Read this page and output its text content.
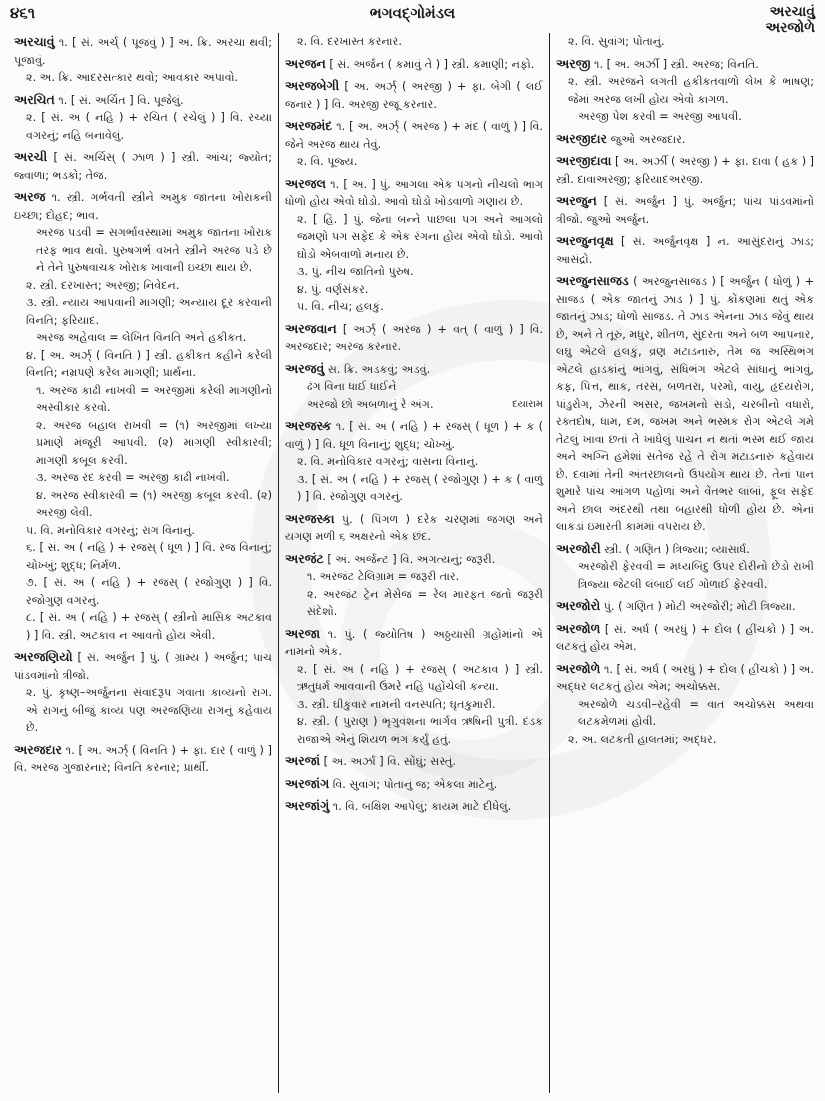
૪૬૧	ભગવદ્ગોમંડલ	અરચાવું
અરજોળે
અરચાવું ૧. [ સં. અર્ચ્ ( પૂજવું ) ] અ. ક્રિ. અરચા થવી; પૂજાવું.
૨. અ. ક્રિ. આદરસત્કાર થવો; આવકાર અપાવો.
અરચિત ૧. [ સં. અર્ચિત ] વિ. પૂજેલું.
૨. [ સં. અ ( નહિ ) + રચિત ( રચેલું ) ] વિ. રચ્યા વગરનું; નહિ બનાવેલું.
અરચી [ સં. અર્ચિસ્ ( ઝાળ ) ] સ્ત્રી. આંચ; જ્યોત; જ્વાળા; ભડકો; તેજ.
અરજ ૧. સ્ત્રી. ગર્ભવતી સ્ત્રીને અમુક જાતના ખોરાકની ઇચ્છા; દોહદ; ભાવ.
અરજ પડવી = સગર્ભાવસ્થામાં અમુક જાતના ખોરાક તરફ ભાવ થવો. પુરુષગર્ભ વખતે સ્ત્રીને અરજ પડે છે ને તેને પુરુષવાચક ખોરાક ખાવાની ઇચ્છા થાય છે.
૨. સ્ત્રી. દરખાસ્ત; અરજી; નિવેદન.
૩. સ્ત્રી. ન્યાય આપવાની માગણી; અન્યાય દૂર કરવાની વિનતિ; ફરિયાદ.
અરજ અહેવાલ = લેખિત વિનતિ અને હકીકત.
૪. [ અ. અર્ઝ્ ( વિનતિ ) ] સ્ત્રી. હકીકત કહીને કરેલી વિનતિ; નમ્રપણે કરેલ માગણી; પ્રાર્થના.
૧. અરજ કાઢી નાખવી = અરજીમાં કરેલી માગણીનો અસ્વીકાર કરવો.
૨. અરજ બહાલ રાખવી = (૧) અરજીમાં લખ્યા પ્રમાણે મંજૂરી આપવી. (૨) માગણી સ્વીકારવી; માગણી કબૂલ કરવી.
૩. અરજ રદ કરવી = અરજી કાઢી નાખવી.
૪. અરજ સ્વીકારવી = (૧) અરજી કબૂલ કરવી. (૨) અરજી લેવી.
૫. વિ. મનોવિકાર વગરનું; રાગ વિનાનું.
૬. [ સં. અ ( નહિ ) + રજસ્ ( ધૂળ ) ] વિ. રજ વિનાનું; ચોખ્ખું; શુદ્ધ; નિર્મળ.
૭. [ સં. અ ( નહિ ) + રજસ્ ( રજોગુણ ) ] વિ. રજોગુણ વગરનું.
૮. [ સં. અ ( નહિ ) + રજસ્ ( સ્ત્રીનો માસિક અટકાવ ) ] વિ. સ્ત્રી. અટકાવ ન આવતો હોય એવી.
અરજણિયો [ સં. અર્જુન ] પું. ( ગ્રામ્ય ) અર્જુન; પાંચ પાંડવમાંનો ત્રીજો.
૨. પું. કૃષ્ણ–અર્જુનના સંવાદરૂપ ગવાતા કાવ્યનો રાગ. એ રાગનું બીજું કાવ્ય પણ અરજણિયા રાગનું કહેવાય છે.
અરજદાર ૧. [ અ. અર્ઝ્ ( વિનતિ ) + ફા. દાર ( વાળું ) ] વિ. અરજ ગુજારનાર; વિનતિ કરનાર; પ્રાર્થી.
૨. વિ. દરખાસ્ત કરનાર.
અરજન [ સં. અર્જન ( કમાવું તે ) ] સ્ત્રી. કમાણી; નફો.
અરજબેગી [ અ. અર્ઝ્ ( અરજી ) + ફા. બેગી ( લઈ જનાર ) ] વિ. અરજી રજૂ કરનાર.
અરજમંદ ૧. [ અ. અર્ઝ્ ( અરજ ) + મંદ ( વાળું ) ] વિ. જેને અરજ થાય તેવું.
૨. વિ. પૂજ્ય.
અરજલ ૧. [ અ. ] પું. આગલા એક પગનો નીચલો ભાગ ધોળો હોય એવો ઘોડો. આવો ઘોડો ખોડવાળો ગણાય છે.
૨. [ હિં. ] પું. જેના બન્ને પાછલા પગ અને આગલો જમણો પગ સફેદ કે એક રંગના હોય એવો ઘોડો. આવો ઘોડો એબવાળો મનાય છે.
૩. પું. નીચ જાતિનો પુરુષ.
૪. પું. વર્ણસંકર.
૫. વિ. નીચ; હલકું.
અરજવાન [ અર્ઝ્ ( અરજ ) + વત્ ( વાળું ) ] વિ. અરજદાર; અરજ કરનાર.
અરજવું સ. ક્રિ. અડકવું; અડવું.
ઢંગ વિના ધાઈ ધાઈને
દયારામ
અરજો છો અબળાનું રે અંગ.
અરજસ્ક ૧. [ સં. અ ( નહિ ) + રજસ્ ( ધૂળ ) + ક ( વાળું ) ] વિ. ધૂળ વિનાનું; શુદ્ધ; ચોખ્ખું.
૨. વિ. મનોવિકાર વગરનું; વાસના વિનાનું.
૩. [ સં. અ ( નહિ ) + રજસ્ ( રજોગુણ ) + ક ( વાળું ) ] વિ. રજોગુણ વગરનું.
અરજસ્કા પું. ( પિંગળ ) દરેક ચરણમાં જગણ અને યગણ મળી ૬ અક્ષરનો એક છંદ.
અરજંટ [ અં. અર્જન્ટ ] વિ. અગત્યનું; જરૂરી.
૧. અરજંટ ટેલિગ્રામ = જરૂરી તાર.
૨. અરજંટ ટ્રેન મેસેજ = રેલ મારફત જતો જરૂરી સંદેશો.
અરજા ૧. પું. ( જ્યોતિષ ) અઠ્ઠયાસી ગ્રહોમાંનો એ નામનો એક.
૨. [ સં. અ ( નહિ ) + રજસ્ ( અટકાવ ) ] સ્ત્રી. ઋતુધર્મ આવવાની ઉંમરે નહિ પહોંચેલી કન્યા.
૩. સ્ત્રી. ઘીકુંવાર નામની વનસ્પતિ; ઘૃતકુમારી.
૪. સ્ત્રી. ( પુરાણ ) ભૃગુવંશના ભાર્ગવ ઋષિની પુત્રી. દંડક રાજાએ એનું શિયળ ભંગ કર્યું હતું.
અરજાં [ અ. અર્ઝાં ] વિ. સોંઘું; સસ્તું.
અરજાંગ વિ. સુવાંગ; પોતાનું જ; એકલા માટેનું.
અરજાંગું ૧. વિ. બક્ષિશ આપેલું; કાયમ માટે દીધેલું.
૨. વિ. સુવાંગ; પોતાનું.
અરજી ૧. [ અ. અર્ઝી ] સ્ત્રી. અરજ; વિનતિ.
૨. સ્ત્રી. અરજને લગતી હકીકતવાળો લેખ કે ભાષણ; જેમાં અરજ લખી હોય એવો કાગળ.
અરજી પેશ કરવી = અરજી આપવી.
અરજીદાર જુઓ અરજદાર.
અરજીદાવા [ અ. અર્ઝી ( અરજી ) + ફા. દાવા ( હક ) ] સ્ત્રી. દાવાઅરજી; ફરિયાદઅરજી.
અરજુન [ સં. અર્જુન ] પું. અર્જુન; પાંચ પાંડવમાંનો ત્રીજો. જુઓ અર્જુન.
અરજુનવૃક્ષ [ સં. અર્જુનવૃક્ષ ] ન. આસુંદરાનું ઝાડ; આસંદ્રો.
અરજુનસાજડ ( અરજુનસાજડ ) [ અર્જુન ( ધોળું ) + સાજડ ( એક જાતનું ઝાડ ) ] પું. કોંકણમાં થતું એક જાતનું ઝાડ; ધોળો સાજડ. તે ઝાડ એનના ઝાડ જેવું થાય છે, અને તે તૂરું, મધુર, શીતળ, સુંદરતા અને બળ આપનાર, લઘુ એટલે હલકું, વ્રણ મટાડનારું, તેમ જ અસ્થિભંગ એટલે હાડકાંનું ભાંગવું, સંધિભંગ એટલે સાંધાનું ભાંગવું, કફ, પિત્ત, થાક, તરસ, બળતરા, પરમો, વાયુ, હૃદયરોગ, પાંડુરોગ, ઝેરની અસર, જખમનો સડો, ચરબીનો વધારો, રક્તદોષ, ધામ, દમ, જખમ અને ભસ્મક રોગ એટલે ગમે તેટલું ખાવા છતાં તે ખાધેલું પાચન ન થતાં ભસ્મ થઈ જાય અને અગ્નિ હમેશાં સતેજ રહે તે રોગ મટાડનારું કહેવાય છે. દવામાં તેની અંતરછાલનો ઉપયોગ થાય છે. તેનાં પાન શુમારે પાંચ આંગળ પહોળાં અને વેંતભર લાંબાં, ફૂલ સફેદ અને છાલ અંદરથી તથા બહારથી ધોળી હોય છે. એનાં લાકડાં ઇમારતી કામમાં વપરાય છે.
અરજોરી સ્ત્રી. ( ગણિત ) ત્રિજ્યા; વ્યાસાર્ધ.
અરજોરી ફેરવવી = મધ્યબિંદુ ઉપર દોરીનો છેડો રાખી ત્રિજ્યા જેટલી લંબાઈ લઈ ગોળાઈ ફેરવવી.
અરજોરો પું. ( ગણિત ) મોટી અરજોરી; મોટી ત્રિજ્યા.
અરજોળ [ સં. અર્ધ ( અરધું ) + દોલ ( હીંચકો ) ] અ. લટકતું હોય એમ.
અરજોળે ૧. [ સં. અર્ધ ( અરધું ) + દોલ ( હીંચકો ) ] અ. અદ્ધર લટકતું હોય એમ; અચોક્કસ.
અરજોળે ચડવી–રહેવી = વાત અચોક્કસ અથવા લટકમેળમાં હોવી.
૨. અ. લટકતી હાલતમાં; અદ્ધર.
